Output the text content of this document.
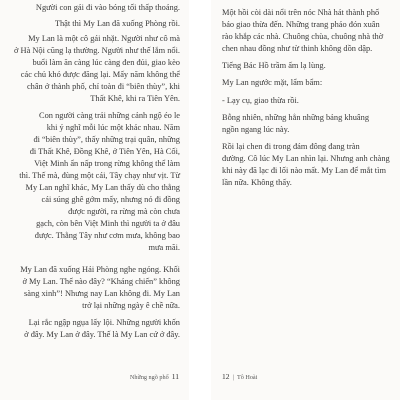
Người con gái đi vào bóng tối thấp thoáng.
Thật thì My Lan đã xuống Phòng rồi.
My Lan là một cô gái nhặt. Người như cô mà
ở Hà Nội cũng lạ thường. Người như thế lắm nổi.
buổi làm ăn càng lúc càng đen đủi, giao kèo
các chủ khó được đăng lại. Mấy năm không thể
chân ở thành phố, chỉ toàn đi “biên thùy”, khi
Thất Khê, khi ra Tiên Yên.
Con người càng trải những cảnh ngộ éo le
khi ý nghĩ mỗi lúc một khác nhau. Năm
đi “biên thùy”, thấy những trại quân, những
đi Thất Khê, Đồng Khê, ở Tiên Yên, Hà Cối,
Việt Minh ẩn nấp trong rừng không thể làm
thì. Thế mà, đùng một cái, Tây chạy như vịt. Từ
My Lan nghĩ khác, My Lan thấy dù cho thằng
cái súng ghê gớm mấy, nhưng nó đi đồng
được người, ra rừng mà còn chưa
gạch, còn bên Việt Minh thì người ta ở đâu
được. Thằng Tây như cơm mưa, không bao
mưa mãi.
My Lan đã xuống Hải Phòng nghe ngóng. Khối
ở My Lan. Thế nào đây? “Kháng chiến” không
sàng xinh”! Nhưng nay Lan không đi. My Lan
trở lại những ngày ê chề nữa.
Lại rắc ngập ngụa lấy lội. Những người khốn
ở đây. My Lan ở đây. Thế là My Lan cứ ở đây.
Những ngõ phố 11
Một hồi còi dài nổi trên nóc Nhà hát thành phố
báo giao thừa đến. Những trang pháo đón xuân
rào khắp các nhà. Chuông chùa, chuông nhà thờ
chen nhau đồng như từ thinh không dồn dập.
Tiếng Bác Hồ trầm ấm lạ lùng.
My Lan ngước mặt, lẩm bẩm:
- Lạy cụ, giao thừa rồi.
Bỗng nhiên, những hẳn những bảng khuâng
ngồn ngang lúc này.
Rồi lại chen đi trong đám đông đang tràn
đường. Cô lúc My Lan nhìn lại. Nhưng anh chàng
khi này đã lạc đi lối nào mất. My Lan để mắt tìm
lần nữa. Không thấy.
12  |  Tô Hoài
